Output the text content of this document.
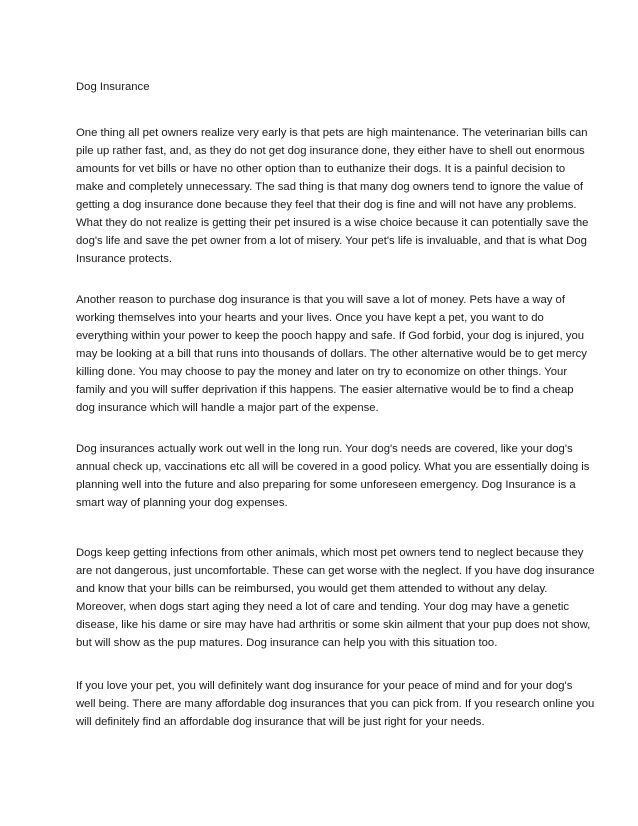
Dog Insurance

One thing all pet owners realize very early is that pets are high maintenance. The veterinarian bills can
pile up rather fast, and, as they do not get dog insurance done, they either have to shell out enormous
amounts for vet bills or have no other option than to euthanize their dogs. It is a painful decision to
make and completely unnecessary. The sad thing is that many dog owners tend to ignore the value of
getting a dog insurance done because they feel that their dog is fine and will not have any problems.
What they do not realize is getting their pet insured is a wise choice because it can potentially save the
dog's life and save the pet owner from a lot of misery. Your pet's life is invaluable, and that is what Dog
Insurance protects.

Another reason to purchase dog insurance is that you will save a lot of money. Pets have a way of
working themselves into your hearts and your lives. Once you have kept a pet, you want to do
everything within your power to keep the pooch happy and safe. If God forbid, your dog is injured, you
may be looking at a bill that runs into thousands of dollars. The other alternative would be to get mercy
killing done. You may choose to pay the money and later on try to economize on other things. Your
family and you will suffer deprivation if this happens. The easier alternative would be to find a cheap
dog insurance which will handle a major part of the expense.

Dog insurances actually work out well in the long run. Your dog's needs are covered, like your dog's
annual check up, vaccinations etc all will be covered in a good policy. What you are essentially doing is
planning well into the future and also preparing for some unforeseen emergency. Dog Insurance is a
smart way of planning your dog expenses.

Dogs keep getting infections from other animals, which most pet owners tend to neglect because they
are not dangerous, just uncomfortable. These can get worse with the neglect. If you have dog insurance
and know that your bills can be reimbursed, you would get them attended to without any delay.
Moreover, when dogs start aging they need a lot of care and tending. Your dog may have a genetic
disease, like his dame or sire may have had arthritis or some skin ailment that your pup does not show,
but will show as the pup matures. Dog insurance can help you with this situation too.

If you love your pet, you will definitely want dog insurance for your peace of mind and for your dog's
well being. There are many affordable dog insurances that you can pick from. If you research online you
will definitely find an affordable dog insurance that will be just right for your needs.
